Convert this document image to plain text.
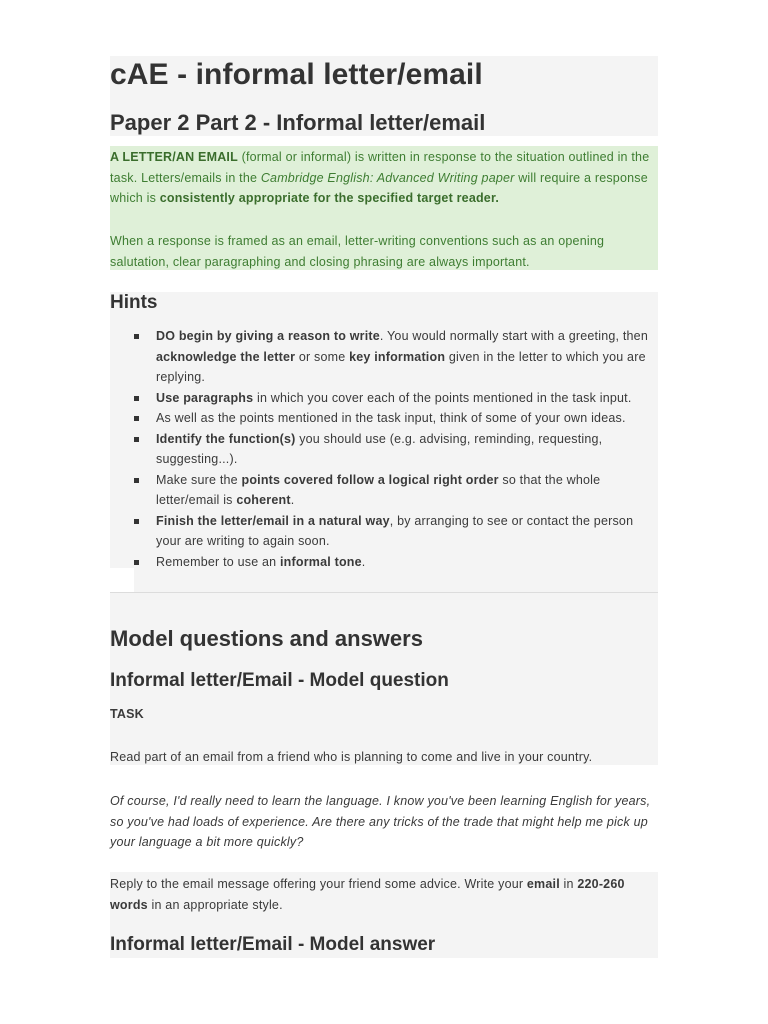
cAE - informal letter/email
Paper 2 Part 2 - Informal letter/email
A LETTER/AN EMAIL (formal or informal) is written in response to the situation outlined in the task. Letters/emails in the Cambridge English: Advanced Writing paper will require a response which is consistently appropriate for the specified target reader.
When a response is framed as an email, letter-writing conventions such as an opening salutation, clear paragraphing and closing phrasing are always important.
Hints
DO begin by giving a reason to write. You would normally start with a greeting, then acknowledge the letter or some key information given in the letter to which you are replying.
Use paragraphs in which you cover each of the points mentioned in the task input.
As well as the points mentioned in the task input, think of some of your own ideas.
Identify the function(s) you should use (e.g. advising, reminding, requesting, suggesting...).
Make sure the points covered follow a logical right order so that the whole letter/email is coherent.
Finish the letter/email in a natural way, by arranging to see or contact the person your are writing to again soon.
Remember to use an informal tone.
Model questions and answers
Informal letter/Email - Model question
TASK
Read part of an email from a friend who is planning to come and live in your country.
Of course, I'd really need to learn the language. I know you've been learning English for years, so you've had loads of experience. Are there any tricks of the trade that might help me pick up your language a bit more quickly?
Reply to the email message offering your friend some advice. Write your email in 220-260 words in an appropriate style.
Informal letter/Email - Model answer
